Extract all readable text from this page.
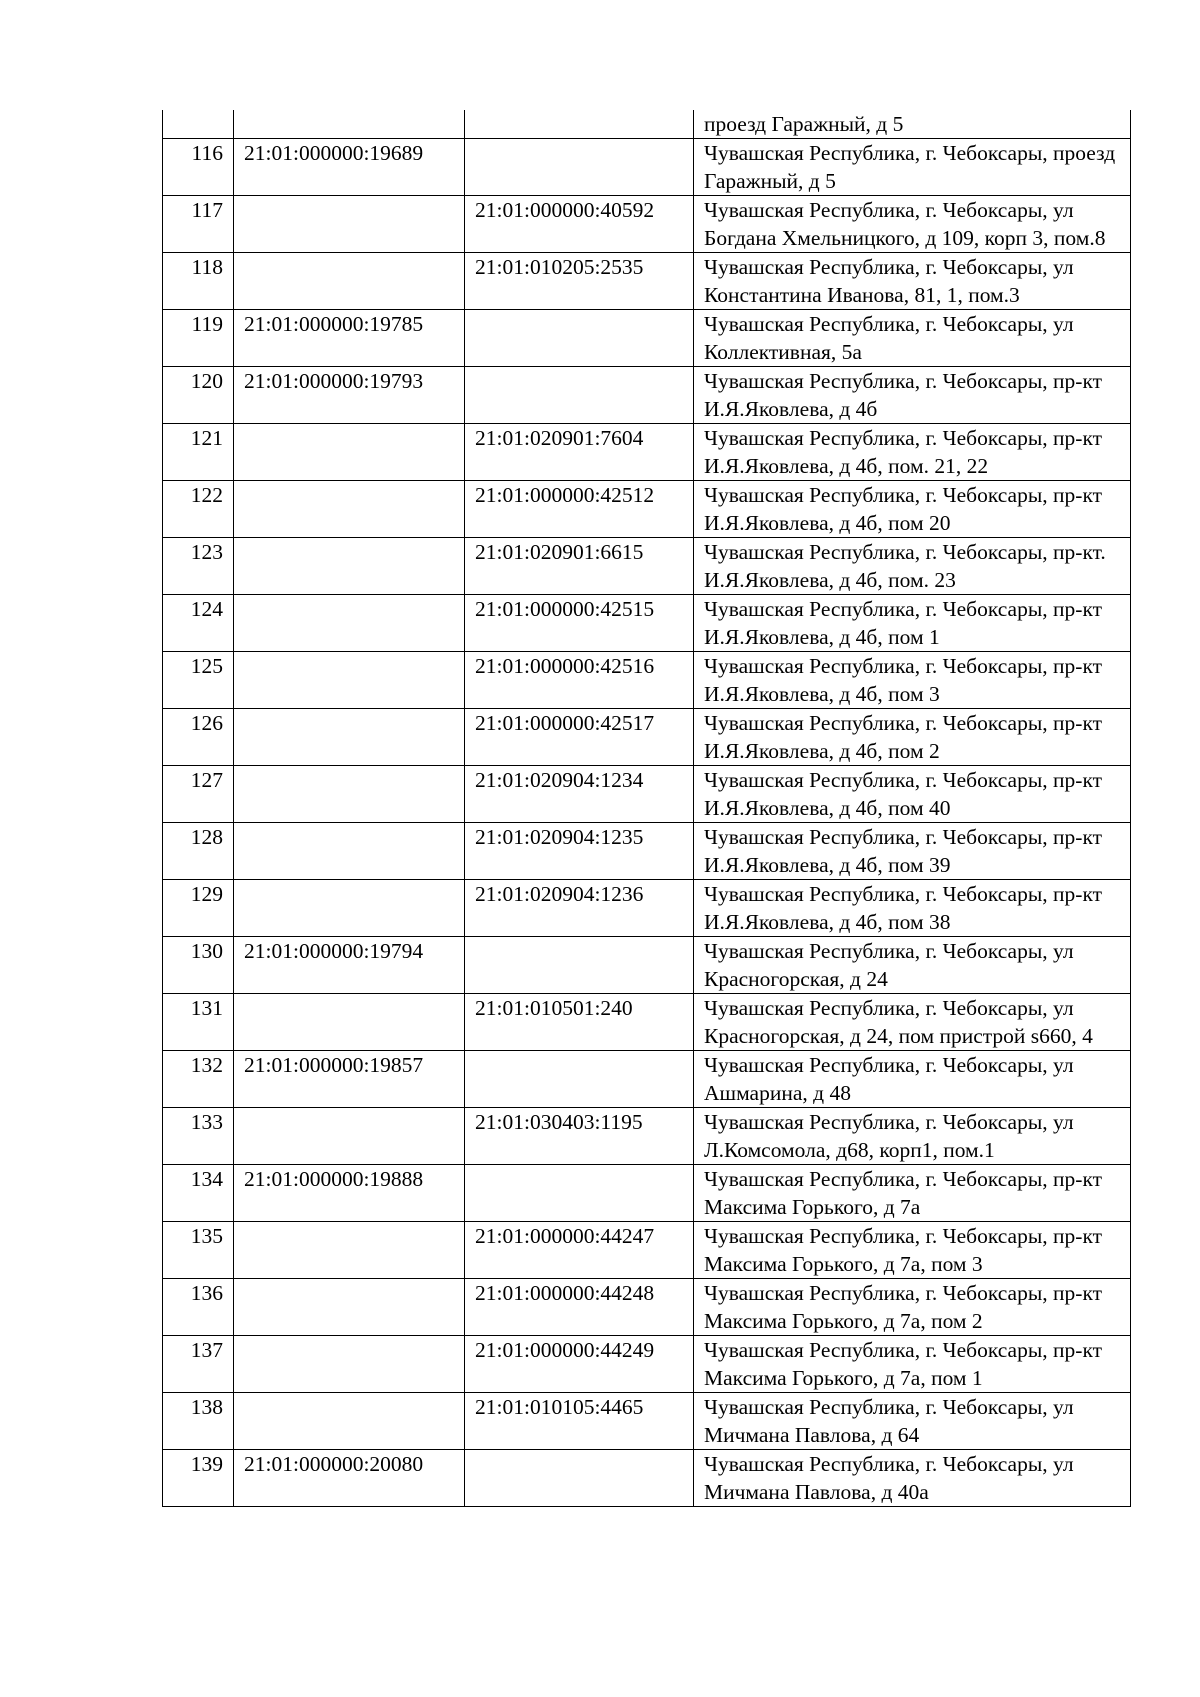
			проезд Гаражный, д 5
116	21:01:000000:19689		Чувашская Республика, г. Чебоксары, проезд Гаражный, д 5
117		21:01:000000:40592	Чувашская Республика, г. Чебоксары, ул Богдана Хмельницкого, д 109, корп 3, пом.8
118		21:01:010205:2535	Чувашская Республика, г. Чебоксары, ул Константина Иванова, 81, 1, пом.3
119	21:01:000000:19785		Чувашская Республика, г. Чебоксары, ул Коллективная, 5а
120	21:01:000000:19793		Чувашская Республика, г. Чебоксары, пр-кт И.Я.Яковлева, д 4б
121		21:01:020901:7604	Чувашская Республика, г. Чебоксары, пр-кт И.Я.Яковлева, д 4б, пом. 21, 22
122		21:01:000000:42512	Чувашская Республика, г. Чебоксары, пр-кт И.Я.Яковлева, д 4б, пом 20
123		21:01:020901:6615	Чувашская Республика, г. Чебоксары, пр-кт. И.Я.Яковлева, д 4б, пом. 23
124		21:01:000000:42515	Чувашская Республика, г. Чебоксары, пр-кт И.Я.Яковлева, д 4б, пом 1
125		21:01:000000:42516	Чувашская Республика, г. Чебоксары, пр-кт И.Я.Яковлева, д 4б, пом 3
126		21:01:000000:42517	Чувашская Республика, г. Чебоксары, пр-кт И.Я.Яковлева, д 4б, пом 2
127		21:01:020904:1234	Чувашская Республика, г. Чебоксары, пр-кт И.Я.Яковлева, д 4б, пом 40
128		21:01:020904:1235	Чувашская Республика, г. Чебоксары, пр-кт И.Я.Яковлева, д 4б, пом 39
129		21:01:020904:1236	Чувашская Республика, г. Чебоксары, пр-кт И.Я.Яковлева, д 4б, пом 38
130	21:01:000000:19794		Чувашская Республика, г. Чебоксары, ул Красногорская, д 24
131		21:01:010501:240	Чувашская Республика, г. Чебоксары, ул Красногорская, д 24, пом пристрой s660, 4
132	21:01:000000:19857		Чувашская Республика, г. Чебоксары, ул Ашмарина, д 48
133		21:01:030403:1195	Чувашская Республика, г. Чебоксары, ул Л.Комсомола, д68, корп1, пом.1
134	21:01:000000:19888		Чувашская Республика, г. Чебоксары, пр-кт Максима Горького, д 7а
135		21:01:000000:44247	Чувашская Республика, г. Чебоксары, пр-кт Максима Горького, д 7а, пом 3
136		21:01:000000:44248	Чувашская Республика, г. Чебоксары, пр-кт Максима Горького, д 7а, пом 2
137		21:01:000000:44249	Чувашская Республика, г. Чебоксары, пр-кт Максима Горького, д 7а, пом 1
138		21:01:010105:4465	Чувашская Республика, г. Чебоксары, ул Мичмана Павлова, д 64
139	21:01:000000:20080		Чувашская Республика, г. Чебоксары, ул Мичмана Павлова, д 40а
